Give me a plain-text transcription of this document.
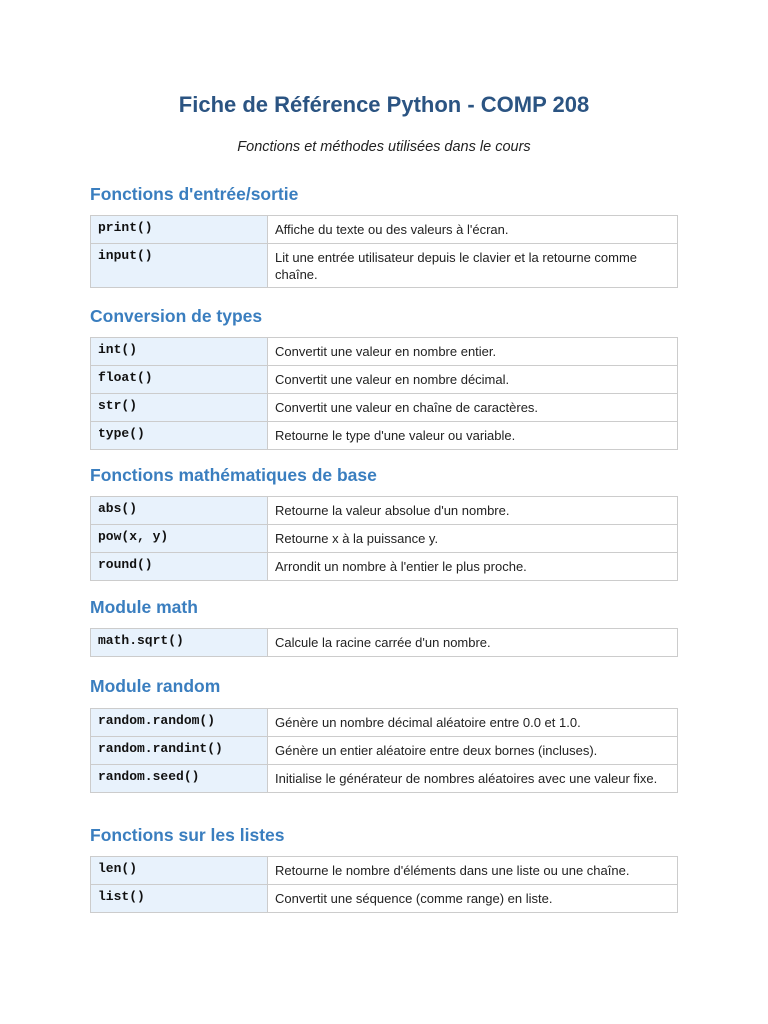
Fiche de Référence Python - COMP 208

Fonctions et méthodes utilisées dans le cours

Fonctions d'entrée/sortie
print()	Affiche du texte ou des valeurs à l'écran.
input()	Lit une entrée utilisateur depuis le clavier et la retourne comme chaîne.
Conversion de types
int()	Convertit une valeur en nombre entier.
float()	Convertit une valeur en nombre décimal.
str()	Convertit une valeur en chaîne de caractères.
type()	Retourne le type d'une valeur ou variable.
Fonctions mathématiques de base
abs()	Retourne la valeur absolue d'un nombre.
pow(x, y)	Retourne x à la puissance y.
round()	Arrondit un nombre à l'entier le plus proche.
Module math
math.sqrt()	Calcule la racine carrée d'un nombre.
Module random
random.random()	Génère un nombre décimal aléatoire entre 0.0 et 1.0.
random.randint()	Génère un entier aléatoire entre deux bornes (incluses).
random.seed()	Initialise le générateur de nombres aléatoires avec une valeur fixe.
Fonctions sur les listes
len()	Retourne le nombre d'éléments dans une liste ou une chaîne.
list()	Convertit une séquence (comme range) en liste.
